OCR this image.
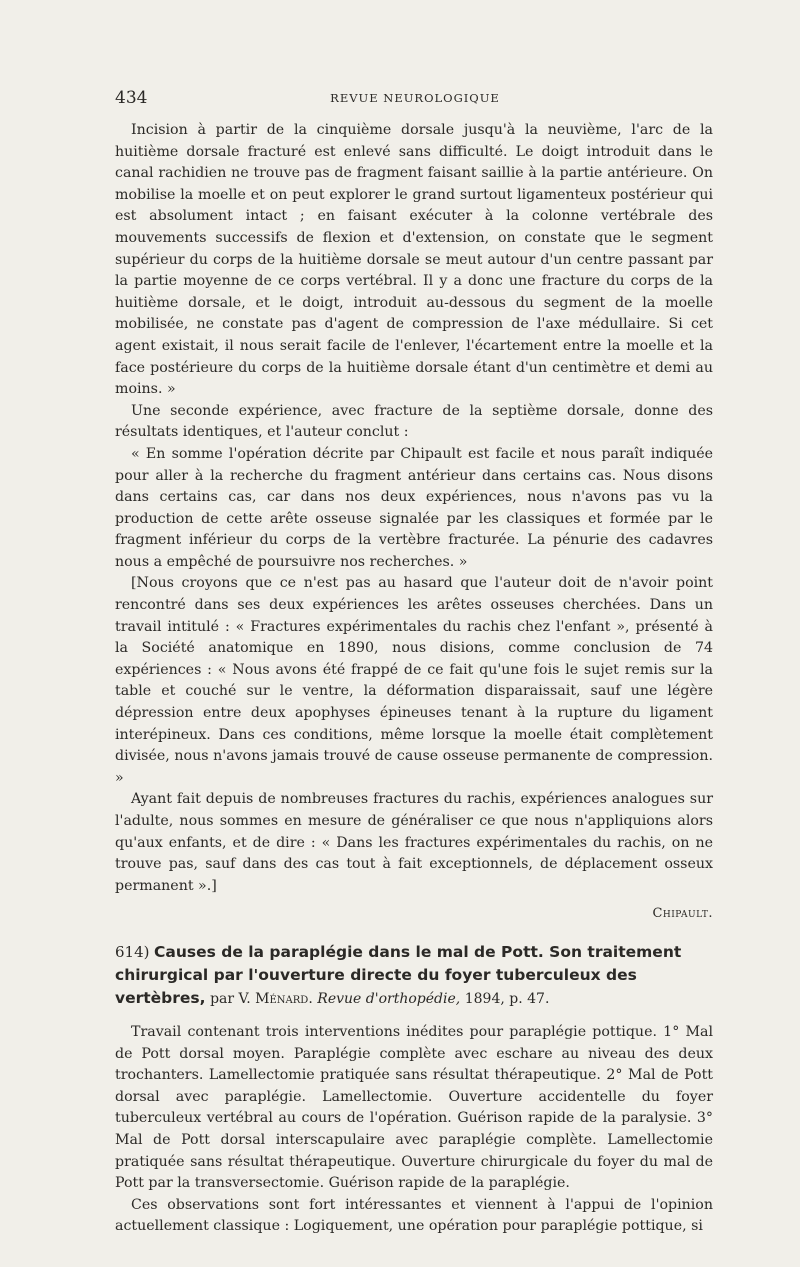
434	REVUE NEUROLOGIQUE

Incision à partir de la cinquième dorsale jusqu'à la neuvième, l'arc de la huitième dorsale fracturé est enlevé sans difficulté. Le doigt introduit dans le canal rachidien ne trouve pas de fragment faisant saillie à la partie antérieure. On mobilise la moelle et on peut explorer le grand surtout ligamenteux postérieur qui est absolument intact ; en faisant exécuter à la colonne vertébrale des mouvements successifs de flexion et d'extension, on constate que le segment supérieur du corps de la huitième dorsale se meut autour d'un centre passant par la partie moyenne de ce corps vertébral. Il y a donc une fracture du corps de la huitième dorsale, et le doigt, introduit au-dessous du segment de la moelle mobilisée, ne constate pas d'agent de compression de l'axe médullaire. Si cet agent existait, il nous serait facile de l'enlever, l'écartement entre la moelle et la face postérieure du corps de la huitième dorsale étant d'un centimètre et demi au moins. »

Une seconde expérience, avec fracture de la septième dorsale, donne des résultats identiques, et l'auteur conclut :

« En somme l'opération décrite par Chipault est facile et nous paraît indiquée pour aller à la recherche du fragment antérieur dans certains cas. Nous disons dans certains cas, car dans nos deux expériences, nous n'avons pas vu la production de cette arête osseuse signalée par les classiques et formée par le fragment inférieur du corps de la vertèbre fracturée. La pénurie des cadavres nous a empêché de poursuivre nos recherches. »

[Nous croyons que ce n'est pas au hasard que l'auteur doit de n'avoir point rencontré dans ses deux expériences les arêtes osseuses cherchées. Dans un travail intitulé : « Fractures expérimentales du rachis chez l'enfant », présenté à la Société anatomique en 1890, nous disions, comme conclusion de 74 expériences : « Nous avons été frappé de ce fait qu'une fois le sujet remis sur la table et couché sur le ventre, la déformation disparaissait, sauf une légère dépression entre deux apophyses épineuses tenant à la rupture du ligament interépineux. Dans ces conditions, même lorsque la moelle était complètement divisée, nous n'avons jamais trouvé de cause osseuse permanente de compression. »

Ayant fait depuis de nombreuses fractures du rachis, expériences analogues sur l'adulte, nous sommes en mesure de généraliser ce que nous n'appliquions alors qu'aux enfants, et de dire : « Dans les fractures expérimentales du rachis, on ne trouve pas, sauf dans des cas tout à fait exceptionnels, de déplacement osseux permanent ».]

Chipault.
614) Causes de la paraplégie dans le mal de Pott. Son traitement chirurgical par l'ouverture directe du foyer tuberculeux des vertèbres, par V. Ménard. Revue d'orthopédie, 1894, p. 47.

Travail contenant trois interventions inédites pour paraplégie pottique. 1° Mal de Pott dorsal moyen. Paraplégie complète avec eschare au niveau des deux trochanters. Lamellectomie pratiquée sans résultat thérapeutique. 2° Mal de Pott dorsal avec paraplégie. Lamellectomie. Ouverture accidentelle du foyer tuberculeux vertébral au cours de l'opération. Guérison rapide de la paralysie. 3° Mal de Pott dorsal interscapulaire avec paraplégie complète. Lamellectomie pratiquée sans résultat thérapeutique. Ouverture chirurgicale du foyer du mal de Pott par la transversectomie. Guérison rapide de la paraplégie.

Ces observations sont fort intéressantes et viennent à l'appui de l'opinion actuellement classique : Logiquement, une opération pour paraplégie pottique, si
